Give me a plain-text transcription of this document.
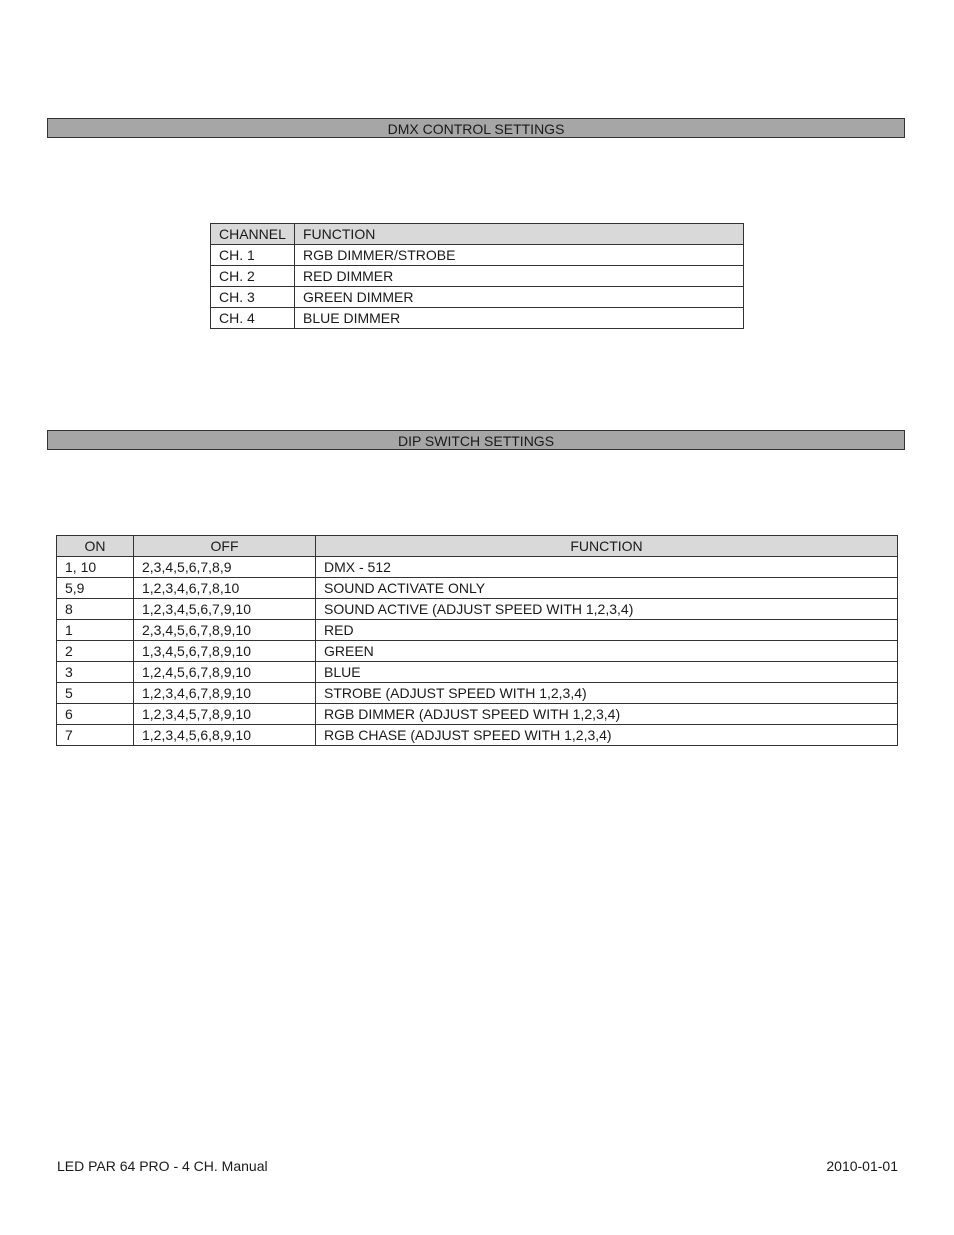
DMX CONTROL SETTINGS
CHANNEL	FUNCTION
CH. 1	RGB DIMMER/STROBE
CH. 2	RED DIMMER
CH. 3	GREEN DIMMER
CH. 4	BLUE DIMMER
DIP SWITCH SETTINGS
ON	OFF	FUNCTION
1, 10	2,3,4,5,6,7,8,9	DMX - 512
5,9	1,2,3,4,6,7,8,10	SOUND ACTIVATE ONLY
8	1,2,3,4,5,6,7,9,10	SOUND ACTIVE (ADJUST SPEED WITH 1,2,3,4)
1	2,3,4,5,6,7,8,9,10	RED
2	1,3,4,5,6,7,8,9,10	GREEN
3	1,2,4,5,6,7,8,9,10	BLUE
5	1,2,3,4,6,7,8,9,10	STROBE (ADJUST SPEED WITH 1,2,3,4)
6	1,2,3,4,5,7,8,9,10	RGB DIMMER (ADJUST SPEED WITH 1,2,3,4)
7	1,2,3,4,5,6,8,9,10	RGB CHASE (ADJUST SPEED WITH 1,2,3,4)
LED PAR 64 PRO - 4 CH. Manual	2010-01-01
